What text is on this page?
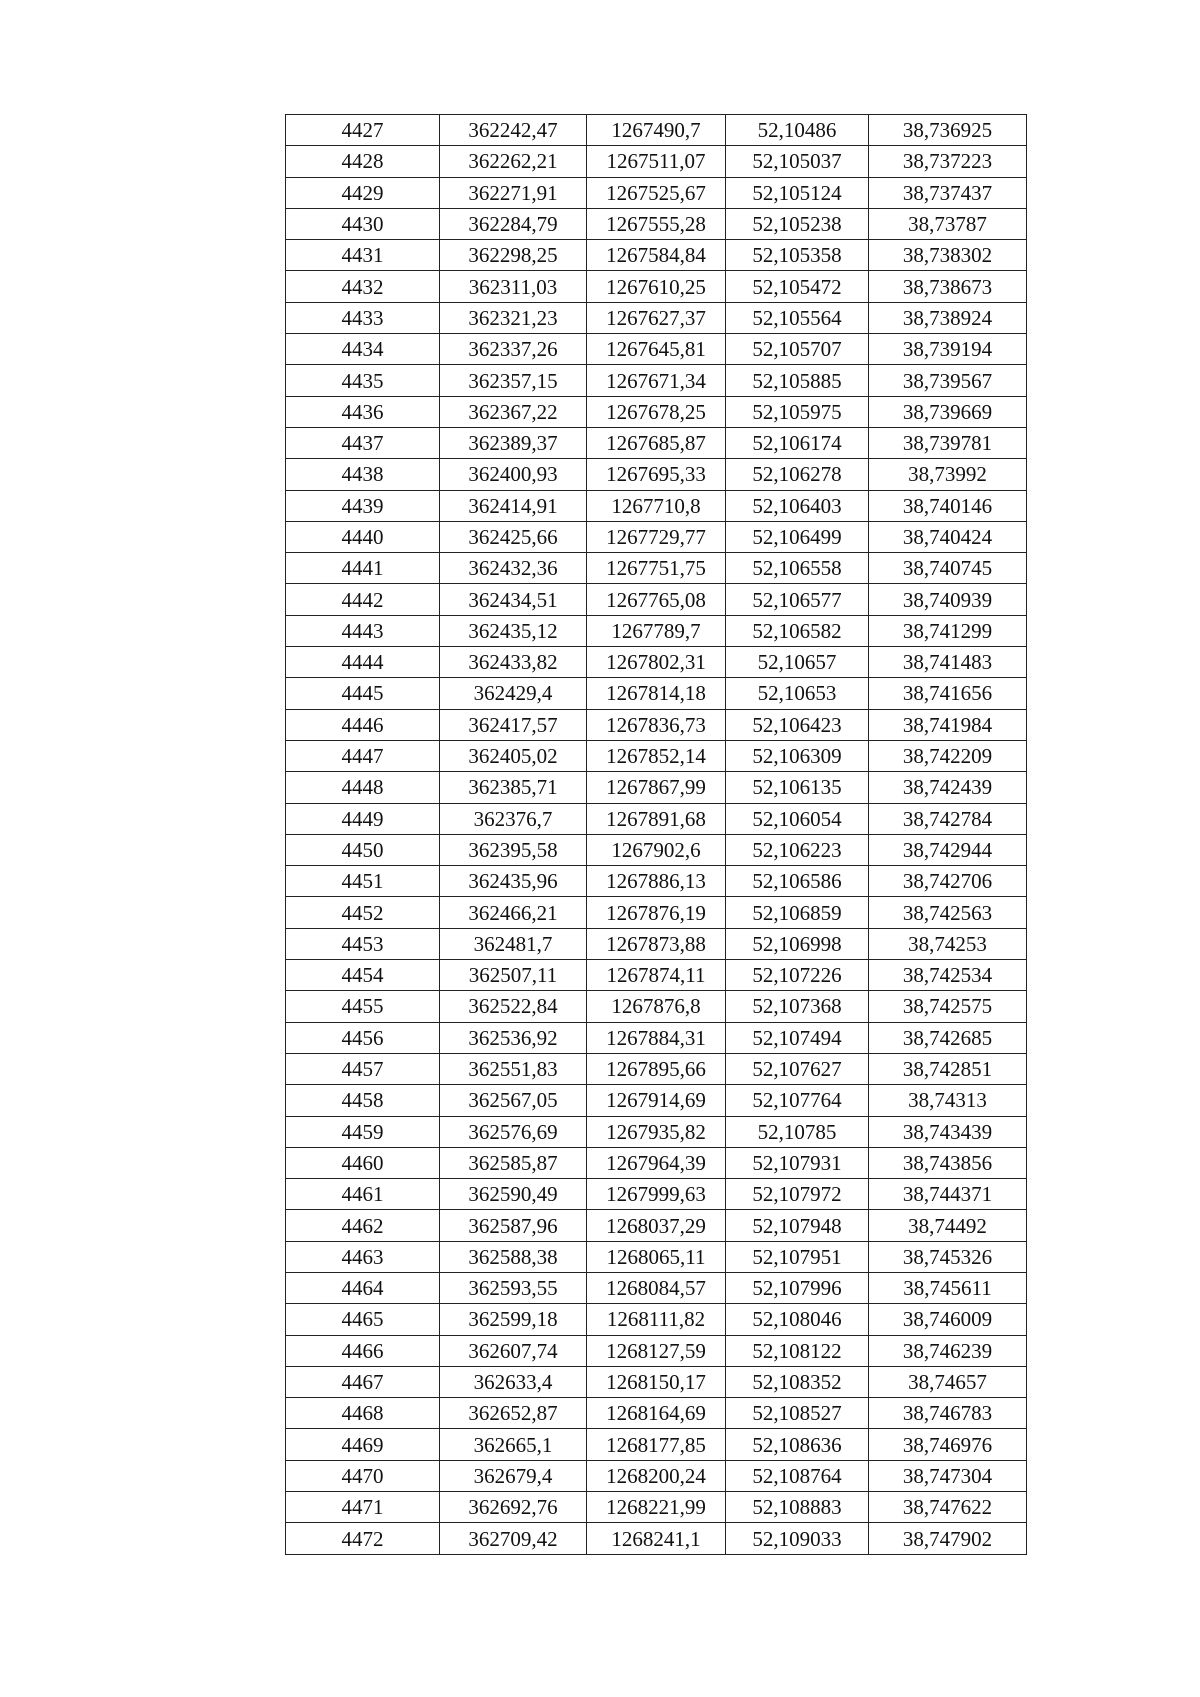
4427	362242,47	1267490,7	52,10486	38,736925
4428	362262,21	1267511,07	52,105037	38,737223
4429	362271,91	1267525,67	52,105124	38,737437
4430	362284,79	1267555,28	52,105238	38,73787
4431	362298,25	1267584,84	52,105358	38,738302
4432	362311,03	1267610,25	52,105472	38,738673
4433	362321,23	1267627,37	52,105564	38,738924
4434	362337,26	1267645,81	52,105707	38,739194
4435	362357,15	1267671,34	52,105885	38,739567
4436	362367,22	1267678,25	52,105975	38,739669
4437	362389,37	1267685,87	52,106174	38,739781
4438	362400,93	1267695,33	52,106278	38,73992
4439	362414,91	1267710,8	52,106403	38,740146
4440	362425,66	1267729,77	52,106499	38,740424
4441	362432,36	1267751,75	52,106558	38,740745
4442	362434,51	1267765,08	52,106577	38,740939
4443	362435,12	1267789,7	52,106582	38,741299
4444	362433,82	1267802,31	52,10657	38,741483
4445	362429,4	1267814,18	52,10653	38,741656
4446	362417,57	1267836,73	52,106423	38,741984
4447	362405,02	1267852,14	52,106309	38,742209
4448	362385,71	1267867,99	52,106135	38,742439
4449	362376,7	1267891,68	52,106054	38,742784
4450	362395,58	1267902,6	52,106223	38,742944
4451	362435,96	1267886,13	52,106586	38,742706
4452	362466,21	1267876,19	52,106859	38,742563
4453	362481,7	1267873,88	52,106998	38,74253
4454	362507,11	1267874,11	52,107226	38,742534
4455	362522,84	1267876,8	52,107368	38,742575
4456	362536,92	1267884,31	52,107494	38,742685
4457	362551,83	1267895,66	52,107627	38,742851
4458	362567,05	1267914,69	52,107764	38,74313
4459	362576,69	1267935,82	52,10785	38,743439
4460	362585,87	1267964,39	52,107931	38,743856
4461	362590,49	1267999,63	52,107972	38,744371
4462	362587,96	1268037,29	52,107948	38,74492
4463	362588,38	1268065,11	52,107951	38,745326
4464	362593,55	1268084,57	52,107996	38,745611
4465	362599,18	1268111,82	52,108046	38,746009
4466	362607,74	1268127,59	52,108122	38,746239
4467	362633,4	1268150,17	52,108352	38,74657
4468	362652,87	1268164,69	52,108527	38,746783
4469	362665,1	1268177,85	52,108636	38,746976
4470	362679,4	1268200,24	52,108764	38,747304
4471	362692,76	1268221,99	52,108883	38,747622
4472	362709,42	1268241,1	52,109033	38,747902
